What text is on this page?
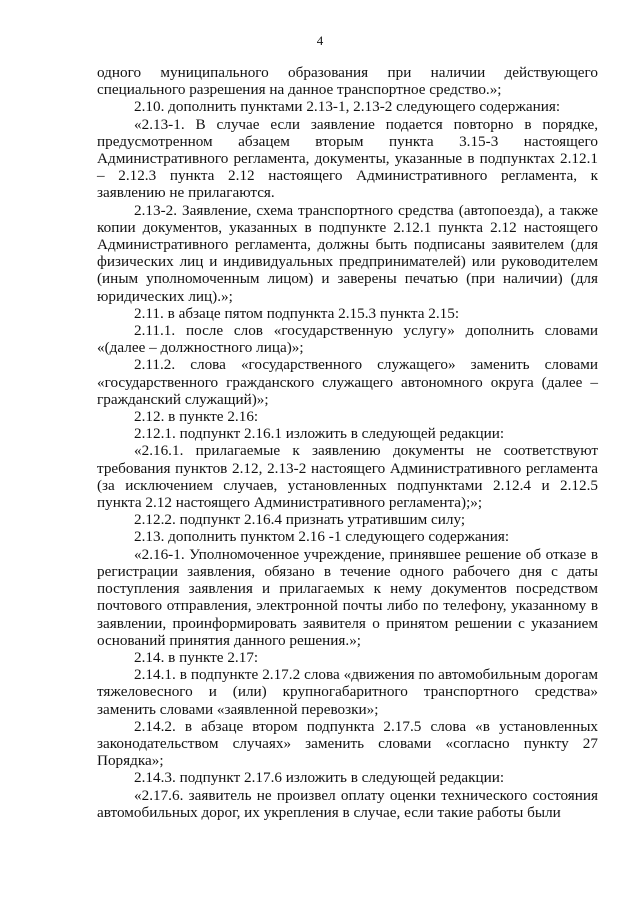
4

одного муниципального образования при наличии действующего специального разрешения на данное транспортное средство.»;

2.10. дополнить пунктами 2.13-1, 2.13-2 следующего содержания:

«2.13-1. В случае если заявление подается повторно в порядке, предусмотренном абзацем вторым пункта 3.15-3 настоящего Административного регламента, документы, указанные в подпунктах 2.12.1 – 2.12.3 пункта 2.12 настоящего Административного регламента, к заявлению не прилагаются.

2.13-2. Заявление, схема транспортного средства (автопоезда), а также копии документов, указанных в подпункте 2.12.1 пункта 2.12 настоящего Административного регламента, должны быть подписаны заявителем (для физических лиц и индивидуальных предпринимателей) или руководителем (иным уполномоченным лицом) и заверены печатью (при наличии) (для юридических лиц).»;

2.11. в абзаце пятом подпункта 2.15.3 пункта 2.15:

2.11.1. после слов «государственную услугу» дополнить словами «(далее – должностного лица)»;

2.11.2. слова «государственного служащего» заменить словами «государственного гражданского служащего автономного округа (далее – гражданский служащий)»;

2.12. в пункте 2.16:

2.12.1. подпункт 2.16.1 изложить в следующей редакции:

«2.16.1. прилагаемые к заявлению документы не соответствуют требования пунктов 2.12, 2.13-2 настоящего Административного регламента (за исключением случаев, установленных подпунктами 2.12.4 и 2.12.5 пункта 2.12 настоящего Административного регламента);»;

2.12.2. подпункт 2.16.4 признать утратившим силу;

2.13. дополнить пунктом 2.16 -1 следующего содержания:

«2.16-1. Уполномоченное учреждение, принявшее решение об отказе в регистрации заявления, обязано в течение одного рабочего дня с даты поступления заявления и прилагаемых к нему документов посредством почтового отправления, электронной почты либо по телефону, указанному в заявлении, проинформировать заявителя о принятом решении с указанием оснований принятия данного решения.»;

2.14. в пункте 2.17:

2.14.1. в подпункте 2.17.2 слова «движения по автомобильным дорогам тяжеловесного и (или) крупногабаритного транспортного средства» заменить словами «заявленной перевозки»;

2.14.2. в абзаце втором подпункта 2.17.5 слова «в установленных законодательством случаях» заменить словами «согласно пункту 27 Порядка»;

2.14.3. подпункт 2.17.6 изложить в следующей редакции:

«2.17.6. заявитель не произвел оплату оценки технического состояния автомобильных дорог, их укрепления в случае, если такие работы были
